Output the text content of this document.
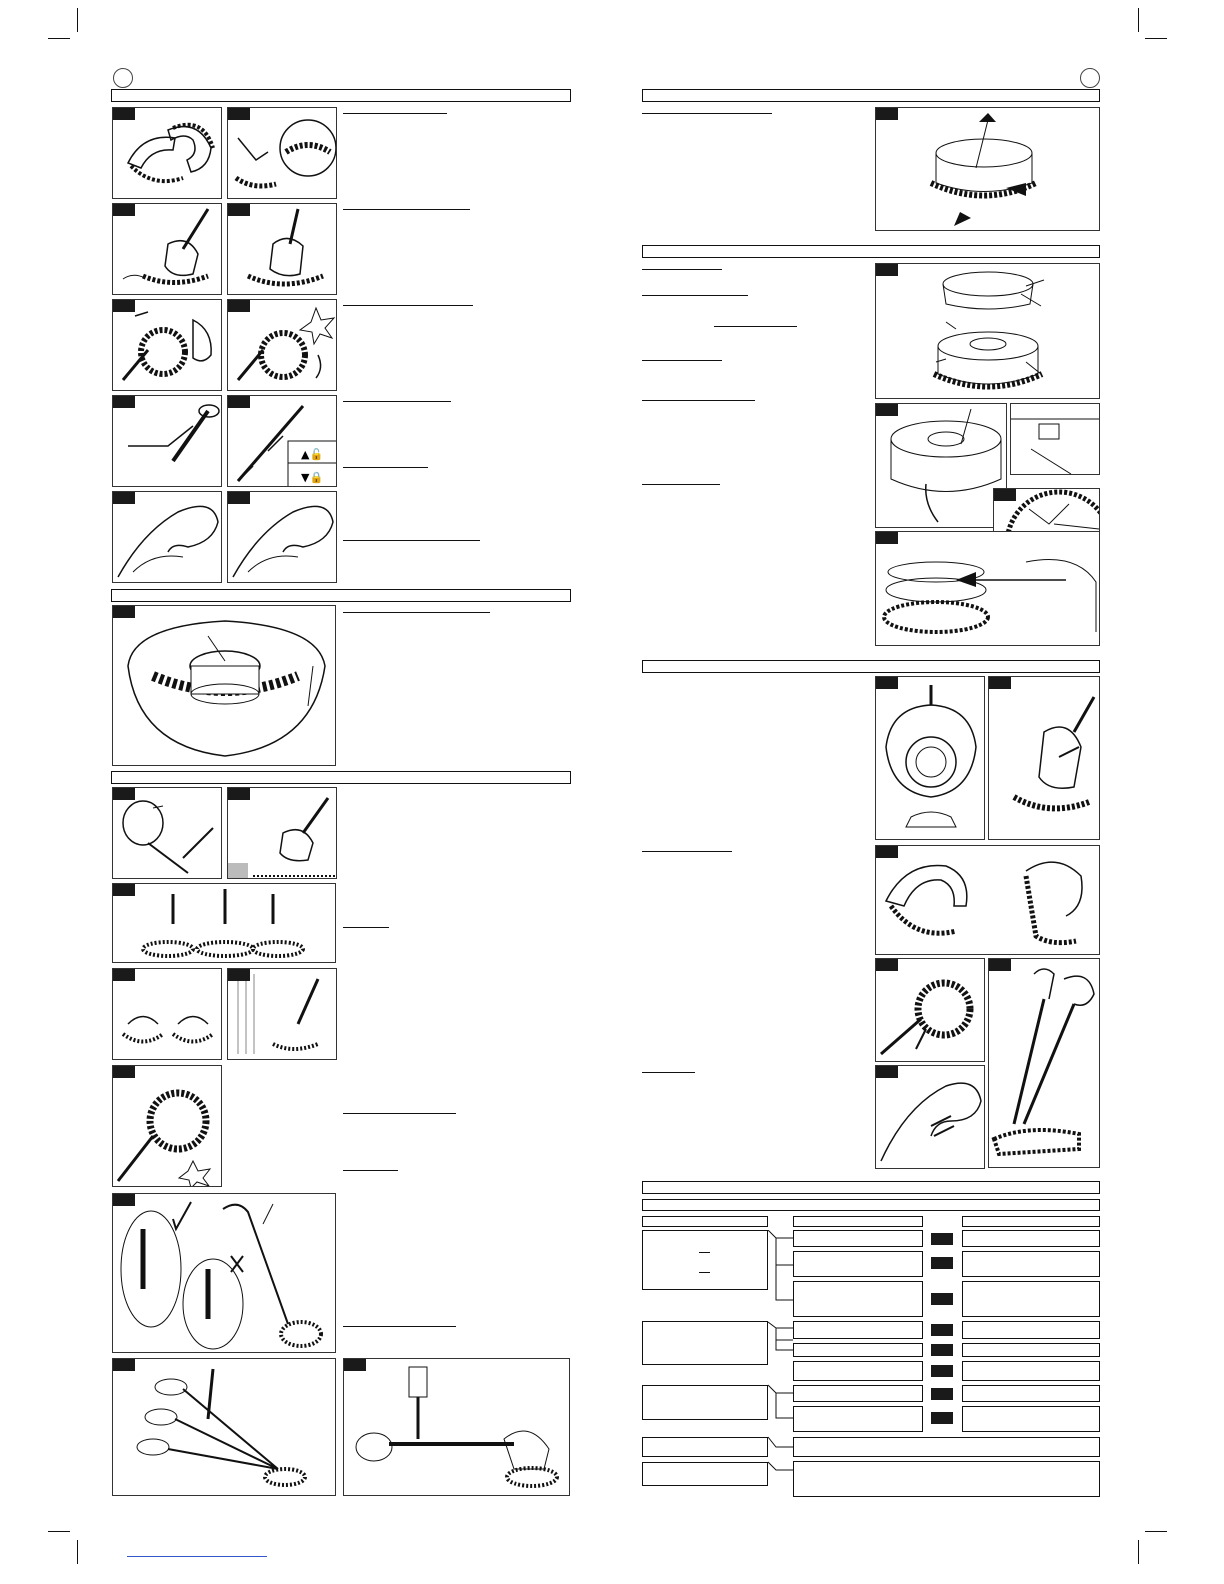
▲🔓
▼🔒
